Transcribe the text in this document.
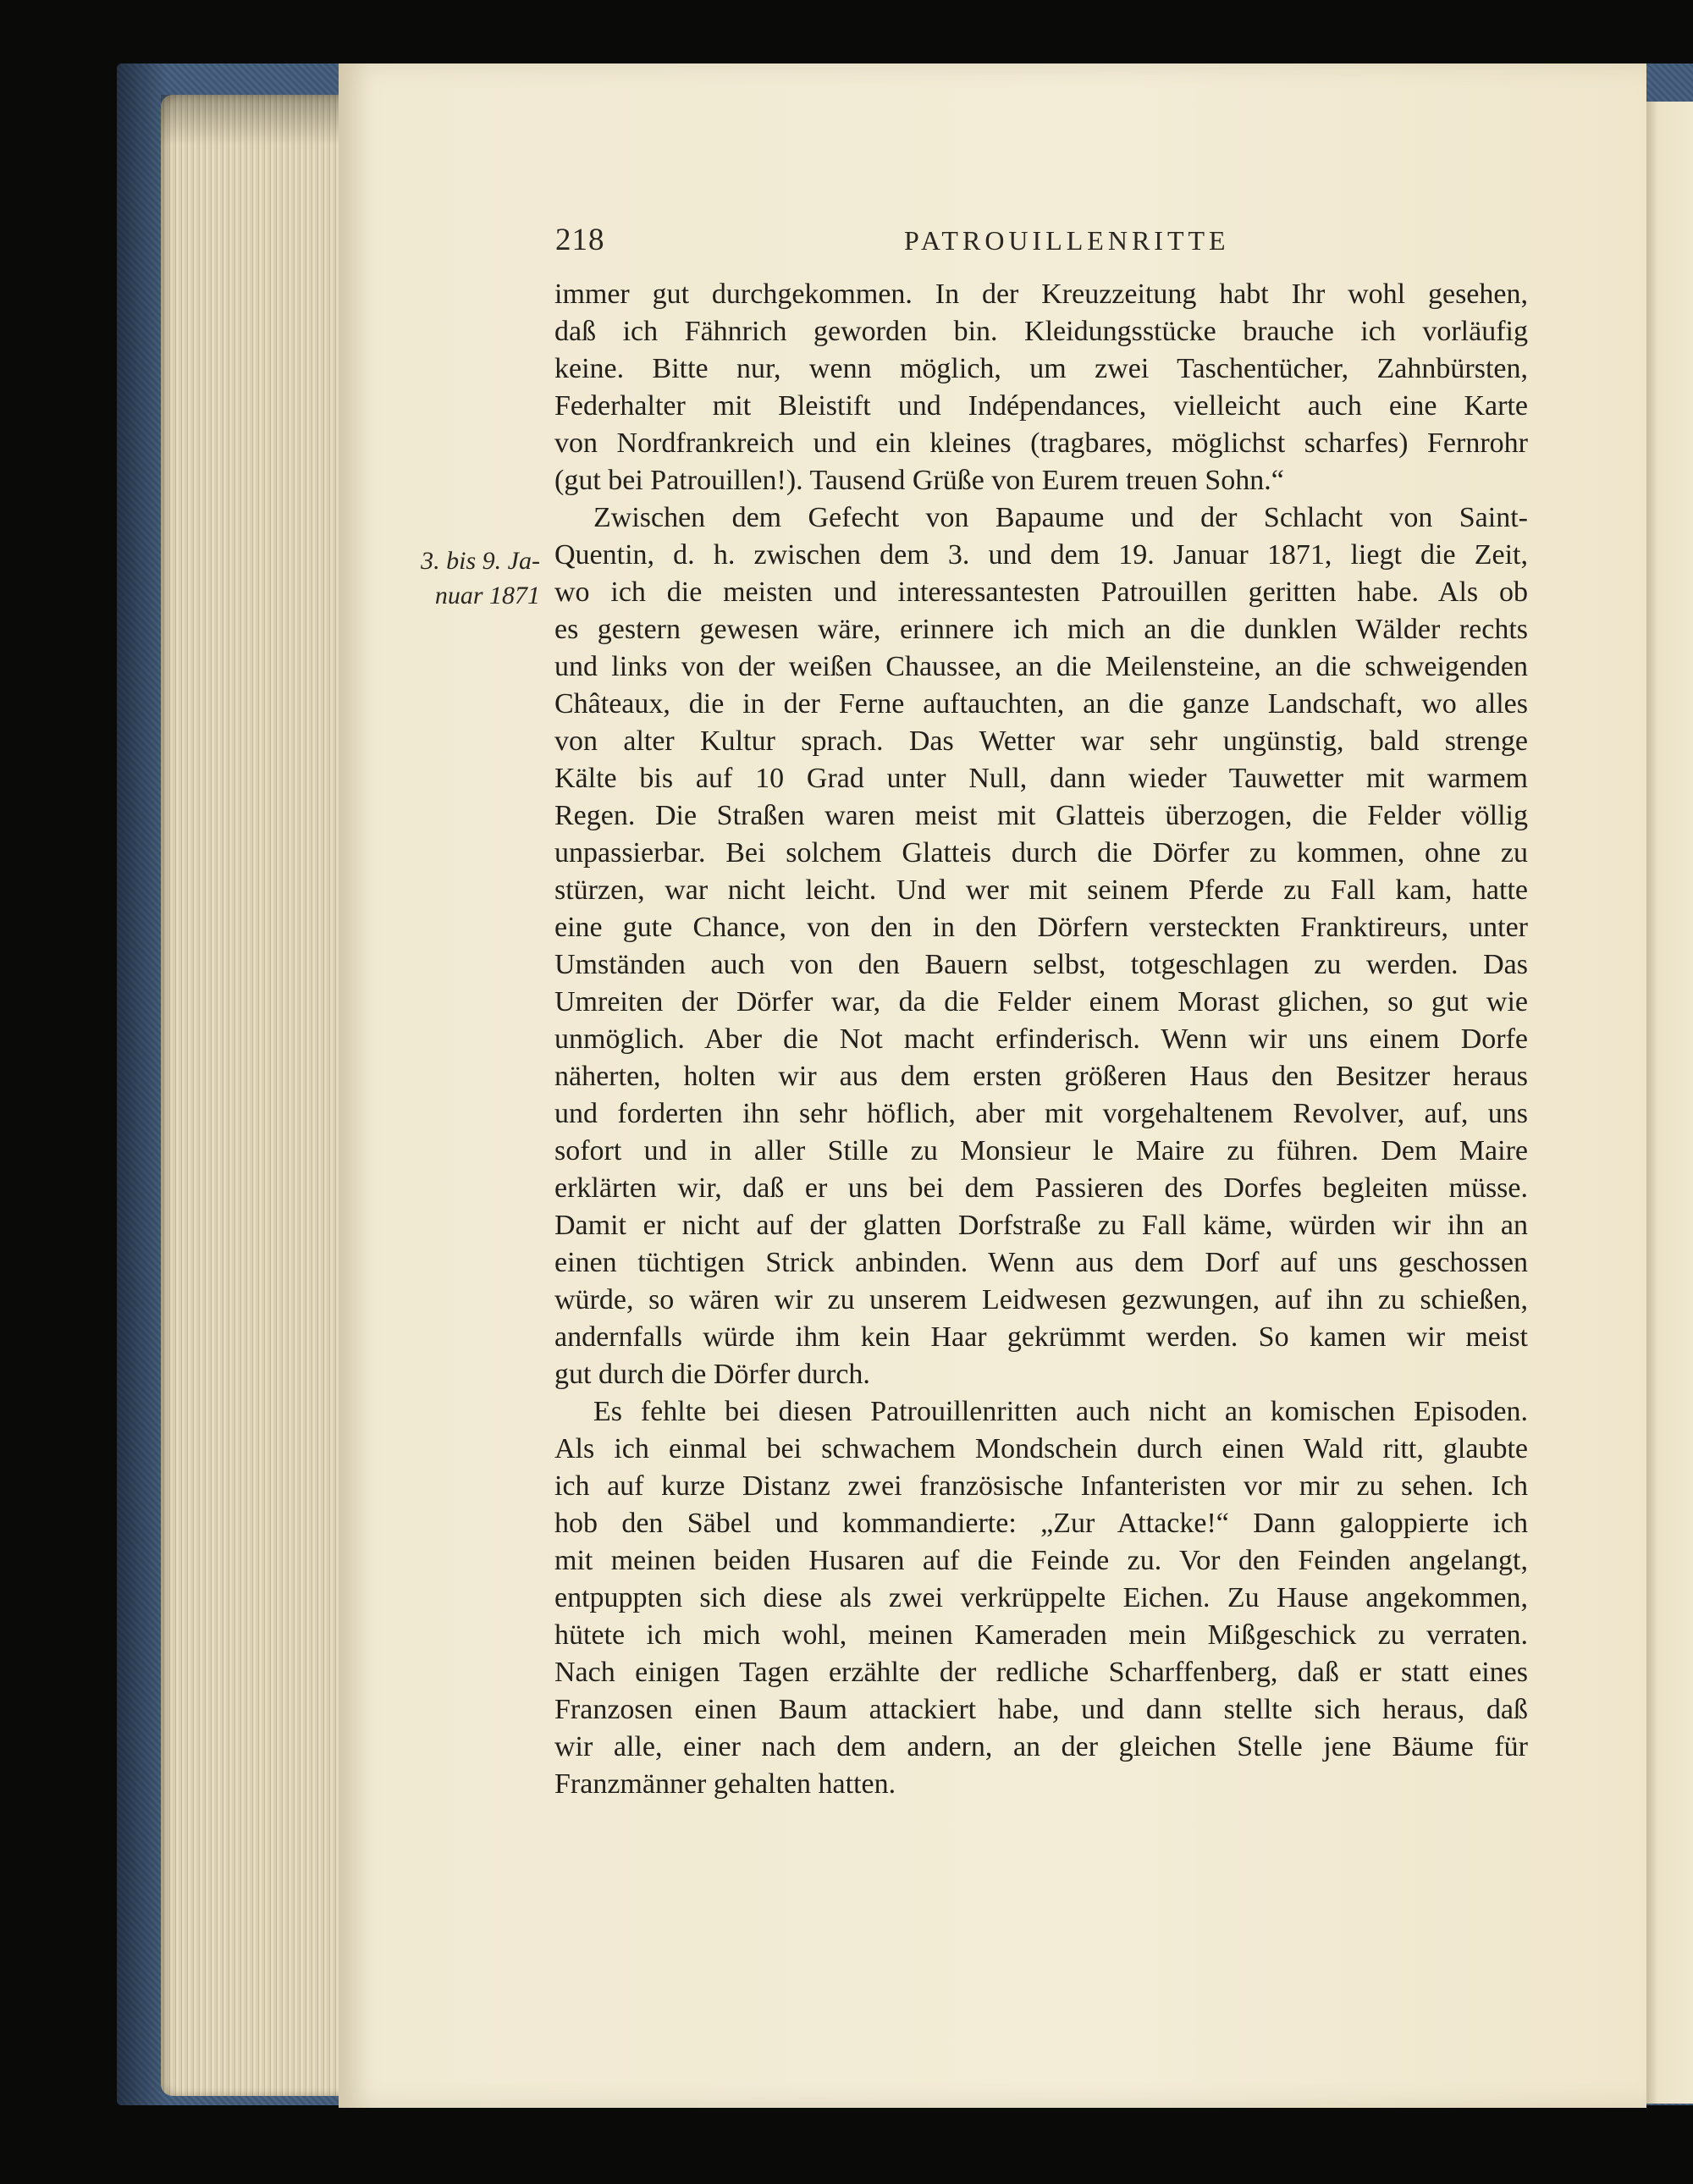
218	PATROUILLENRITTE
3. bis 9. Ja-
nuar 1871
immer gut durchgekommen. In der Kreuzzeitung habt Ihr wohl gesehen,
daß ich Fähnrich geworden bin. Kleidungsstücke brauche ich vorläufig
keine. Bitte nur, wenn möglich, um zwei Taschentücher, Zahnbürsten,
Federhalter mit Bleistift und Indépendances, vielleicht auch eine Karte
von Nordfrankreich und ein kleines (tragbares, möglichst scharfes) Fernrohr
(gut bei Patrouillen!). Tausend Grüße von Eurem treuen Sohn.“
Zwischen dem Gefecht von Bapaume und der Schlacht von Saint-
Quentin, d. h. zwischen dem 3. und dem 19. Januar 1871, liegt die Zeit,
wo ich die meisten und interessantesten Patrouillen geritten habe. Als ob
es gestern gewesen wäre, erinnere ich mich an die dunklen Wälder rechts
und links von der weißen Chaussee, an die Meilensteine, an die schweigenden
Châteaux, die in der Ferne auftauchten, an die ganze Landschaft, wo alles
von alter Kultur sprach. Das Wetter war sehr ungünstig, bald strenge
Kälte bis auf 10 Grad unter Null, dann wieder Tauwetter mit warmem
Regen. Die Straßen waren meist mit Glatteis überzogen, die Felder völlig
unpassierbar. Bei solchem Glatteis durch die Dörfer zu kommen, ohne zu
stürzen, war nicht leicht. Und wer mit seinem Pferde zu Fall kam, hatte
eine gute Chance, von den in den Dörfern versteckten Franktireurs, unter
Umständen auch von den Bauern selbst, totgeschlagen zu werden. Das
Umreiten der Dörfer war, da die Felder einem Morast glichen, so gut wie
unmöglich. Aber die Not macht erfinderisch. Wenn wir uns einem Dorfe
näherten, holten wir aus dem ersten größeren Haus den Besitzer heraus
und forderten ihn sehr höflich, aber mit vorgehaltenem Revolver, auf, uns
sofort und in aller Stille zu Monsieur le Maire zu führen. Dem Maire
erklärten wir, daß er uns bei dem Passieren des Dorfes begleiten müsse.
Damit er nicht auf der glatten Dorfstraße zu Fall käme, würden wir ihn an
einen tüchtigen Strick anbinden. Wenn aus dem Dorf auf uns geschossen
würde, so wären wir zu unserem Leidwesen gezwungen, auf ihn zu schießen,
andernfalls würde ihm kein Haar gekrümmt werden. So kamen wir meist
gut durch die Dörfer durch.
Es fehlte bei diesen Patrouillenritten auch nicht an komischen Episoden.
Als ich einmal bei schwachem Mondschein durch einen Wald ritt, glaubte
ich auf kurze Distanz zwei französische Infanteristen vor mir zu sehen. Ich
hob den Säbel und kommandierte: „Zur Attacke!“ Dann galoppierte ich
mit meinen beiden Husaren auf die Feinde zu. Vor den Feinden angelangt,
entpuppten sich diese als zwei verkrüppelte Eichen. Zu Hause angekommen,
hütete ich mich wohl, meinen Kameraden mein Mißgeschick zu verraten.
Nach einigen Tagen erzählte der redliche Scharffenberg, daß er statt eines
Franzosen einen Baum attackiert habe, und dann stellte sich heraus, daß
wir alle, einer nach dem andern, an der gleichen Stelle jene Bäume für
Franzmänner gehalten hatten.
